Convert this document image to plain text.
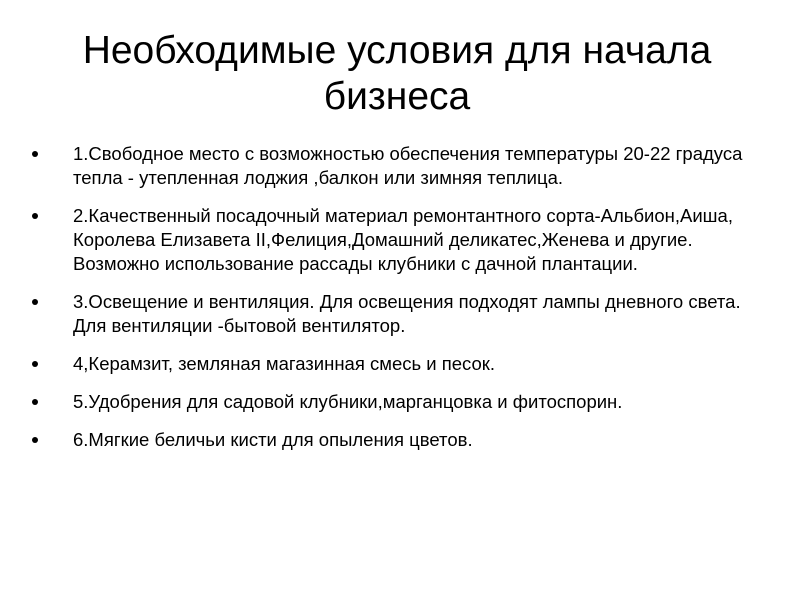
Необходимые условия для начала
бизнеса
1.Свободное место с возможностью обеспечения температуры 20-22 градуса тепла - утепленная лоджия ,балкон или зимняя теплица.
2.Качественный посадочный материал ремонтантного сорта-Альбион,Аиша, Королева Елизавета II,Фелиция,Домашний деликатес,Женева и другие. Возможно использование рассады клубники с дачной плантации.
3.Освещение и вентиляция. Для освещения подходят лампы дневного света. Для вентиляции -бытовой вентилятор.
4,Керамзит, земляная магазинная смесь и песок.
5.Удобрения для садовой клубники,марганцовка и фитоспорин.
6.Мягкие беличьи кисти для опыления цветов.
